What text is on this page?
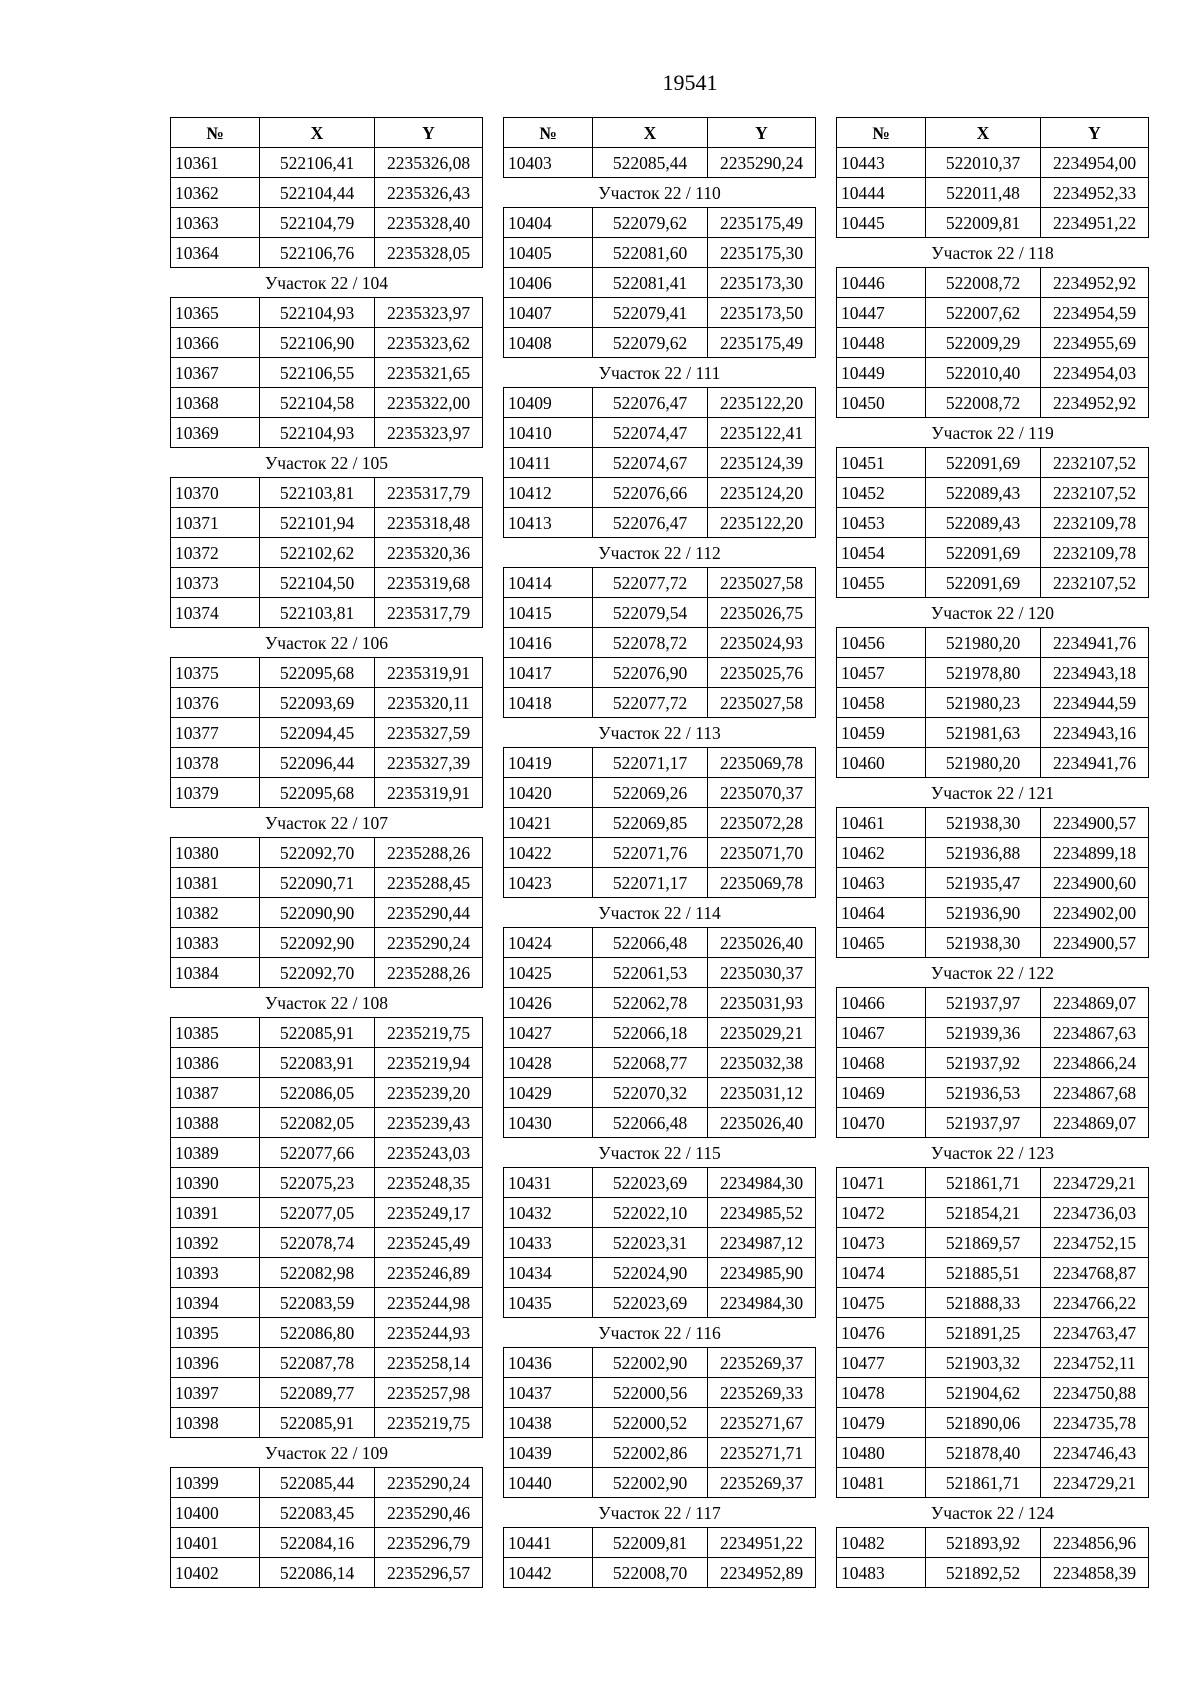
19541
№	X	Y
10361	522106,41	2235326,08
10362	522104,44	2235326,43
10363	522104,79	2235328,40
10364	522106,76	2235328,05
Участок 22 / 104		
10365	522104,93	2235323,97
10366	522106,90	2235323,62
10367	522106,55	2235321,65
10368	522104,58	2235322,00
10369	522104,93	2235323,97
Участок 22 / 105		
10370	522103,81	2235317,79
10371	522101,94	2235318,48
10372	522102,62	2235320,36
10373	522104,50	2235319,68
10374	522103,81	2235317,79
Участок 22 / 106		
10375	522095,68	2235319,91
10376	522093,69	2235320,11
10377	522094,45	2235327,59
10378	522096,44	2235327,39
10379	522095,68	2235319,91
Участок 22 / 107		
10380	522092,70	2235288,26
10381	522090,71	2235288,45
10382	522090,90	2235290,44
10383	522092,90	2235290,24
10384	522092,70	2235288,26
Участок 22 / 108		
10385	522085,91	2235219,75
10386	522083,91	2235219,94
10387	522086,05	2235239,20
10388	522082,05	2235239,43
10389	522077,66	2235243,03
10390	522075,23	2235248,35
10391	522077,05	2235249,17
10392	522078,74	2235245,49
10393	522082,98	2235246,89
10394	522083,59	2235244,98
10395	522086,80	2235244,93
10396	522087,78	2235258,14
10397	522089,77	2235257,98
10398	522085,91	2235219,75
Участок 22 / 109		
10399	522085,44	2235290,24
10400	522083,45	2235290,46
10401	522084,16	2235296,79
10402	522086,14	2235296,57
№	X	Y
10403	522085,44	2235290,24
Участок 22 / 110		
10404	522079,62	2235175,49
10405	522081,60	2235175,30
10406	522081,41	2235173,30
10407	522079,41	2235173,50
10408	522079,62	2235175,49
Участок 22 / 111		
10409	522076,47	2235122,20
10410	522074,47	2235122,41
10411	522074,67	2235124,39
10412	522076,66	2235124,20
10413	522076,47	2235122,20
Участок 22 / 112		
10414	522077,72	2235027,58
10415	522079,54	2235026,75
10416	522078,72	2235024,93
10417	522076,90	2235025,76
10418	522077,72	2235027,58
Участок 22 / 113		
10419	522071,17	2235069,78
10420	522069,26	2235070,37
10421	522069,85	2235072,28
10422	522071,76	2235071,70
10423	522071,17	2235069,78
Участок 22 / 114		
10424	522066,48	2235026,40
10425	522061,53	2235030,37
10426	522062,78	2235031,93
10427	522066,18	2235029,21
10428	522068,77	2235032,38
10429	522070,32	2235031,12
10430	522066,48	2235026,40
Участок 22 / 115		
10431	522023,69	2234984,30
10432	522022,10	2234985,52
10433	522023,31	2234987,12
10434	522024,90	2234985,90
10435	522023,69	2234984,30
Участок 22 / 116		
10436	522002,90	2235269,37
10437	522000,56	2235269,33
10438	522000,52	2235271,67
10439	522002,86	2235271,71
10440	522002,90	2235269,37
Участок 22 / 117		
10441	522009,81	2234951,22
10442	522008,70	2234952,89
№	X	Y
10443	522010,37	2234954,00
10444	522011,48	2234952,33
10445	522009,81	2234951,22
Участок 22 / 118		
10446	522008,72	2234952,92
10447	522007,62	2234954,59
10448	522009,29	2234955,69
10449	522010,40	2234954,03
10450	522008,72	2234952,92
Участок 22 / 119		
10451	522091,69	2232107,52
10452	522089,43	2232107,52
10453	522089,43	2232109,78
10454	522091,69	2232109,78
10455	522091,69	2232107,52
Участок 22 / 120		
10456	521980,20	2234941,76
10457	521978,80	2234943,18
10458	521980,23	2234944,59
10459	521981,63	2234943,16
10460	521980,20	2234941,76
Участок 22 / 121		
10461	521938,30	2234900,57
10462	521936,88	2234899,18
10463	521935,47	2234900,60
10464	521936,90	2234902,00
10465	521938,30	2234900,57
Участок 22 / 122		
10466	521937,97	2234869,07
10467	521939,36	2234867,63
10468	521937,92	2234866,24
10469	521936,53	2234867,68
10470	521937,97	2234869,07
Участок 22 / 123		
10471	521861,71	2234729,21
10472	521854,21	2234736,03
10473	521869,57	2234752,15
10474	521885,51	2234768,87
10475	521888,33	2234766,22
10476	521891,25	2234763,47
10477	521903,32	2234752,11
10478	521904,62	2234750,88
10479	521890,06	2234735,78
10480	521878,40	2234746,43
10481	521861,71	2234729,21
Участок 22 / 124		
10482	521893,92	2234856,96
10483	521892,52	2234858,39
